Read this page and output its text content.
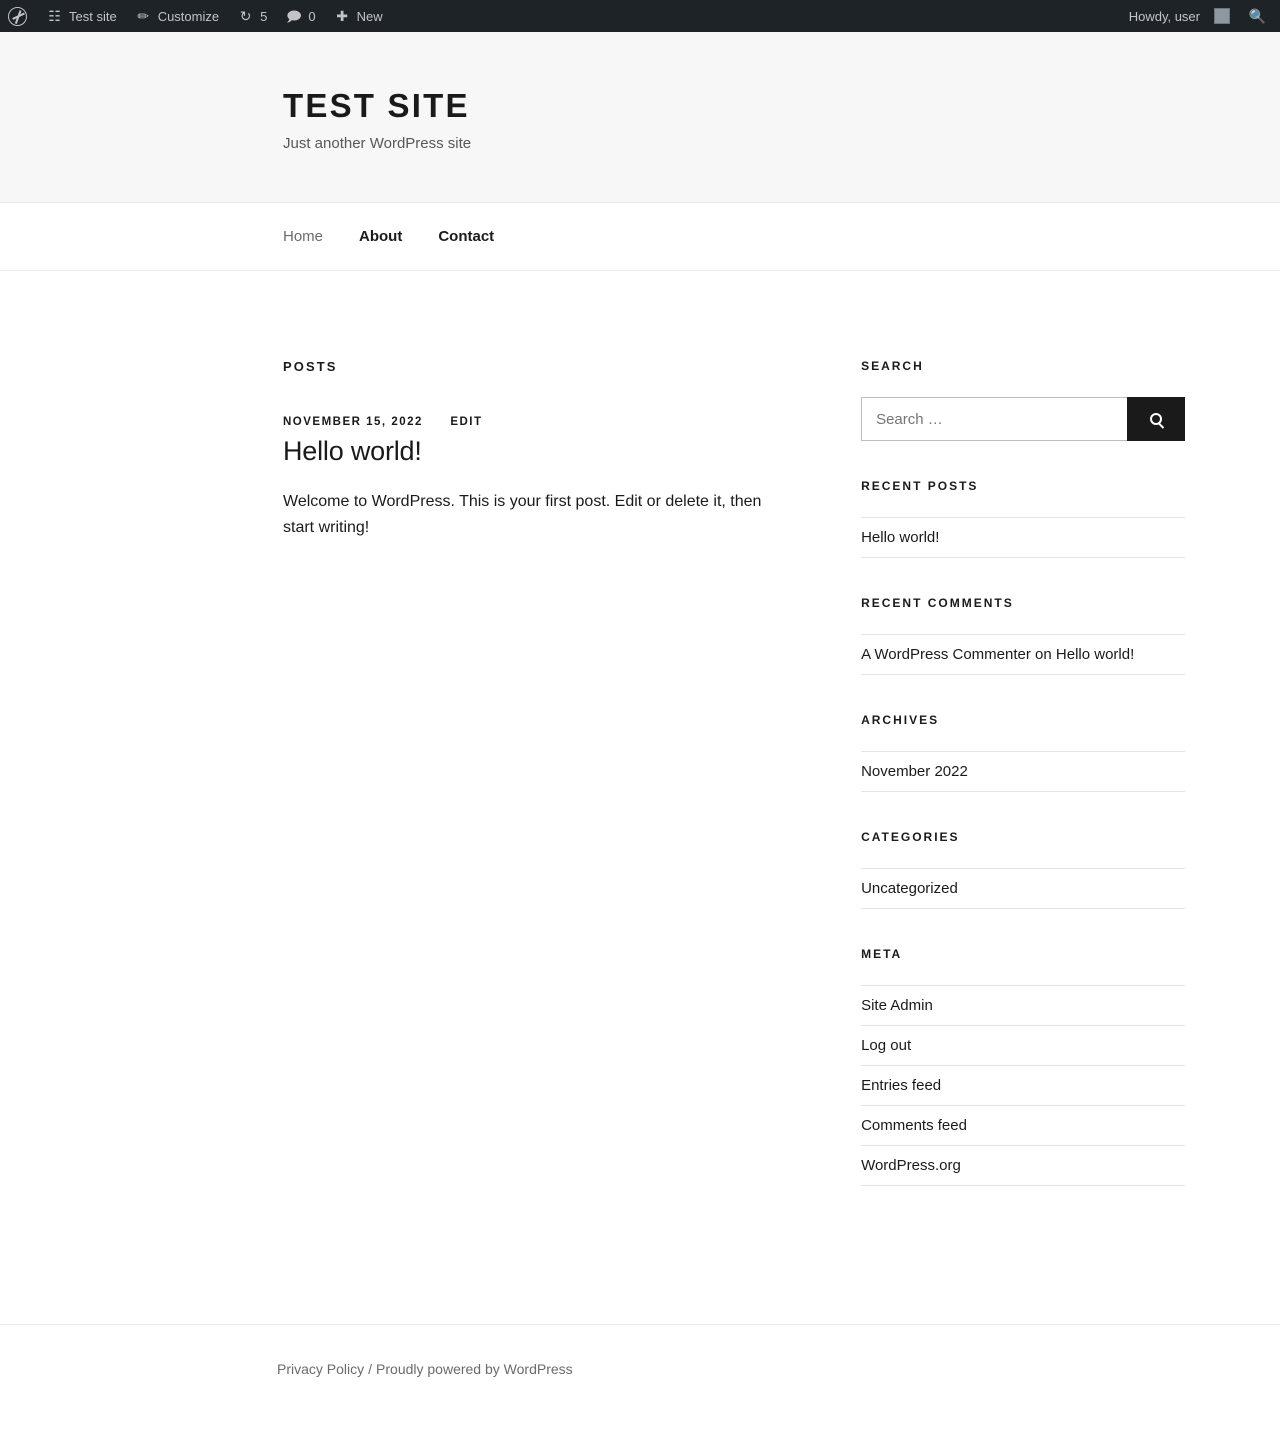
☷ Test site ✏ Customize ↻ 5 🗩 0 ✚ New	Howdy, user	🔍
TEST SITE

Just another WordPress site

Home About Contact
POSTS
NOVEMBER 15, 2022 EDIT
Hello world!

Welcome to WordPress. This is your first post. Edit or delete it, then start writing!

SEARCH
Search …
RECENT POSTS
Hello world!
RECENT COMMENTS
A WordPress Commenter on Hello world!
ARCHIVES
November 2022
CATEGORIES
Uncategorized
META
Site Admin
Log out
Entries feed
Comments feed
WordPress.org
Privacy Policy / Proudly powered by WordPress
